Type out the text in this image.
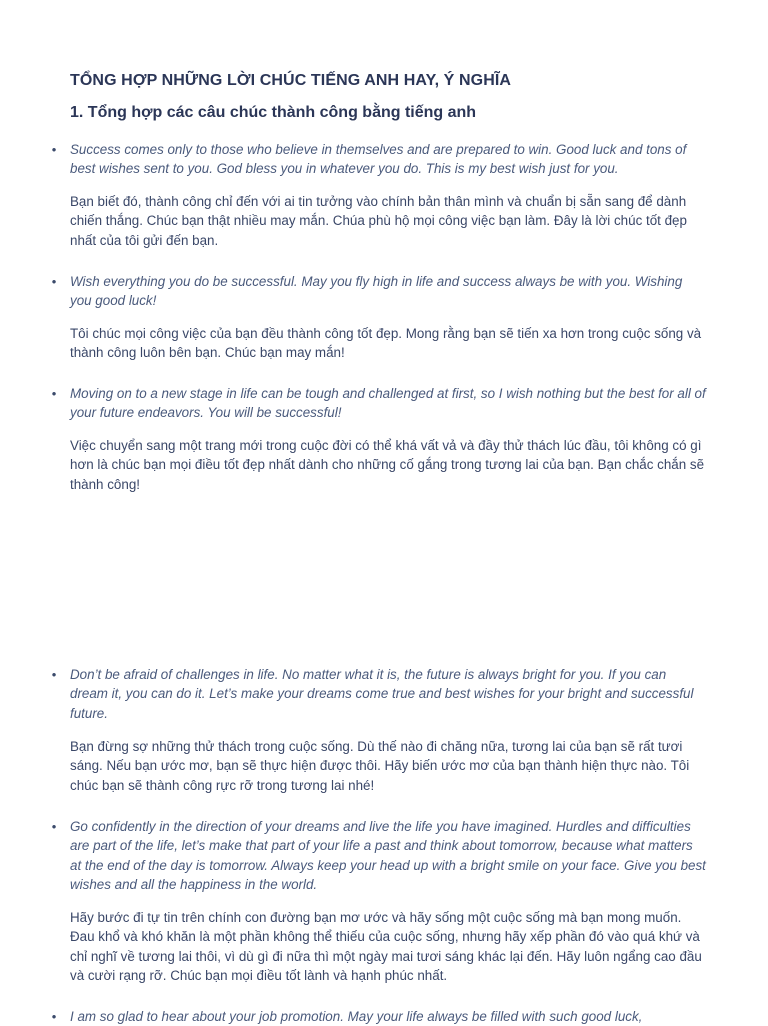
TỔNG HỢP NHỮNG LỜI CHÚC TIẾNG ANH HAY, Ý NGHĨA
1. Tổng hợp các câu chúc thành công bằng tiếng anh
• Success comes only to those who believe in themselves and are prepared to win. Good luck and tons of best wishes sent to you. God bless you in whatever you do. This is my best wish just for you.

Bạn biết đó, thành công chỉ đến với ai tin tưởng vào chính bản thân mình và chuẩn bị sẵn sang để dành chiến thắng. Chúc bạn thật nhiều may mắn. Chúa phù hộ mọi công việc bạn làm. Đây là lời chúc tốt đẹp nhất của tôi gửi đến bạn.

• Wish everything you do be successful. May you fly high in life and success always be with you. Wishing you good luck!

Tôi chúc mọi công việc của bạn đều thành công tốt đẹp. Mong rằng bạn sẽ tiến xa hơn trong cuộc sống và thành công luôn bên bạn. Chúc bạn may mắn!

• Moving on to a new stage in life can be tough and challenged at first, so I wish nothing but the best for all of your future endeavors. You will be successful!

Việc chuyển sang một trang mới trong cuộc đời có thể khá vất vả và đầy thử thách lúc đầu, tôi không có gì hơn là chúc bạn mọi điều tốt đẹp nhất dành cho những cố gắng trong tương lai của bạn. Bạn chắc chắn sẽ thành công!

• Don’t be afraid of challenges in life. No matter what it is, the future is always bright for you. If you can dream it, you can do it. Let’s make your dreams come true and best wishes for your bright and successful future.

Bạn đừng sợ những thử thách trong cuộc sống. Dù thế nào đi chăng nữa, tương lai của bạn sẽ rất tươi sáng. Nếu bạn ước mơ, bạn sẽ thực hiện được thôi. Hãy biến ước mơ của bạn thành hiện thực nào. Tôi chúc bạn sẽ thành công rực rỡ trong tương lai nhé!

• Go confidently in the direction of your dreams and live the life you have imagined. Hurdles and difficulties are part of the life, let’s make that part of your life a past and think about tomorrow, because what matters at the end of the day is tomorrow. Always keep your head up with a bright smile on your face. Give you best wishes and all the happiness in the world.

Hãy bước đi tự tin trên chính con đường bạn mơ ước và hãy sống một cuộc sống mà bạn mong muốn. Đau khổ và khó khăn là một phần không thể thiếu của cuộc sống, nhưng hãy xếp phần đó vào quá khứ và chỉ nghĩ về tương lai thôi, vì dù gì đi nữa thì một ngày mai tươi sáng khác lại đến. Hãy luôn ngẩng cao đầu và cười rạng rỡ. Chúc bạn mọi điều tốt lành và hạnh phúc nhất.

• I am so glad to hear about your job promotion. May your life always be filled with such good luck,
